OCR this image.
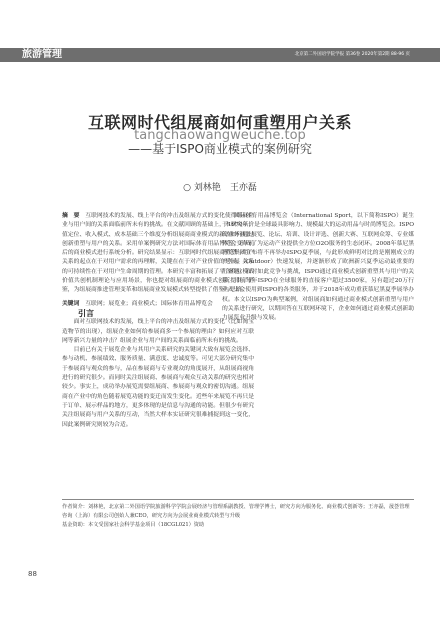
旅游管理	北京第二外国语学院学报 第36卷 2020年第2期 88-96 页
互联网时代组展商如何重塑用户关系
tangchaowangweuche.top
——基于ISPO商业模式的案例研究
○ 刘林艳　王亦磊

摘　要　 互联网技术的发展、线上平台的冲击及组展方式的变化使得组展企业与用户间的关系面临前所未有的挑战。在文献回顾的基础上，本研究从价值定位、收入模式、成本基础三个维度分析组展商商业模式的新改如何通过创新重塑与用户的关系。采用单案例研究方法对国际体育用品博览会变革前后的商业模式进行系统分析。研究结果显示：互联网时代组展商重塑与用户关系的起点在于对用户需求的再理解，关键在在于对产业价值的延展，关系的可持续性在于对用户生命周期的管理。本研究丰富和拓展了平台商业模式价值共创机制理论与应用场景，你也提对组展商的商业模式创新提供了借鉴，为组展商推进管理变革和组展商业发展模式转型提供了借鉴与思路。

关键词　 互联网；展览业；商业模式；国际体育用品博览会

引言

面对互联网技术的发展，线上平台的冲击及组展方式的变化（比如淘宝造物节的出现），组展企业如何给参展商多一个参展的理由？如何应对互联网等新兴力量的冲击？组展企业与用户间的关系面临前所未有的挑战。

目前已有关于展览企业与其用户关系研究的关键词大致有展览会选择、参与动机、参展绩效、服务质量、满意度、忠诚度等。可见大部分研究集中于参展商与观众的参与，品在参展商与专业观众的角度展开，从组展商视角进行的研究很少。而同时关注组展商、参展商与观众互动关系的研究也相对较少。事实上，成功举办展览需要组展商、参展商与观众的密切沟通。组展商在产业中的角色随着展览功能的变迁而发生变化。近些年来展览不再只是于订单、展示样品的地方，更多体现的是信息与沟通的功能。但很少有研究关注组展商与用户关系的互动，当然大样本实证研究很难捕捉到这一变化，因此案例研究则较为合适。

国际体育用品博览会（International Sport，以下简称ISPO）诞生于1970年，是全球最具影响力、规模最大的运动用品与时尚博览会。ISPO的业务涵盖展览、论坛、培训、设计评选、创新大赛、互联网众筹、专业媒体等，形成了为运动产业提供全方位O2O服务的生态闭环。2008年慕尼黑博览集团宣布将不再举办ISPO夏季展，与此形成鲜明对比的是刚刚成立的户外展（Outdoor）快速发展，并逐渐形成了欧洲新兴夏季运动最重要的汇聚地。面对如此竞争与挑战，ISPO通过商业模式创新重塑其与用户的关系，目前每年ISPO在全球服务的直接客户超过3500家，另有超过20万行业人士会使用到ISPO的各类服务，并于2018年成功重获慕尼黑夏季展举办权。本文以ISPO为典型案例，对组展商如何通过商业模式创新重塑与用户的关系进行研究，以期回答在互联网环境下，企业如何通过商业模式创新助力展览业升级与发展。

作者简介：刘林艳，北京第二外国语学院旅游科学学院会展经济与管理系副教授、管理学博士，研究方向为服务化、商业模式创新等；王亦磊，晟荟管理咨询（上海）有限公司创始人兼CEO，研究方向为会展业商业模式转型与升级

基金资助：本文受国家社会科学基金项目（18CGL021）资助

88
